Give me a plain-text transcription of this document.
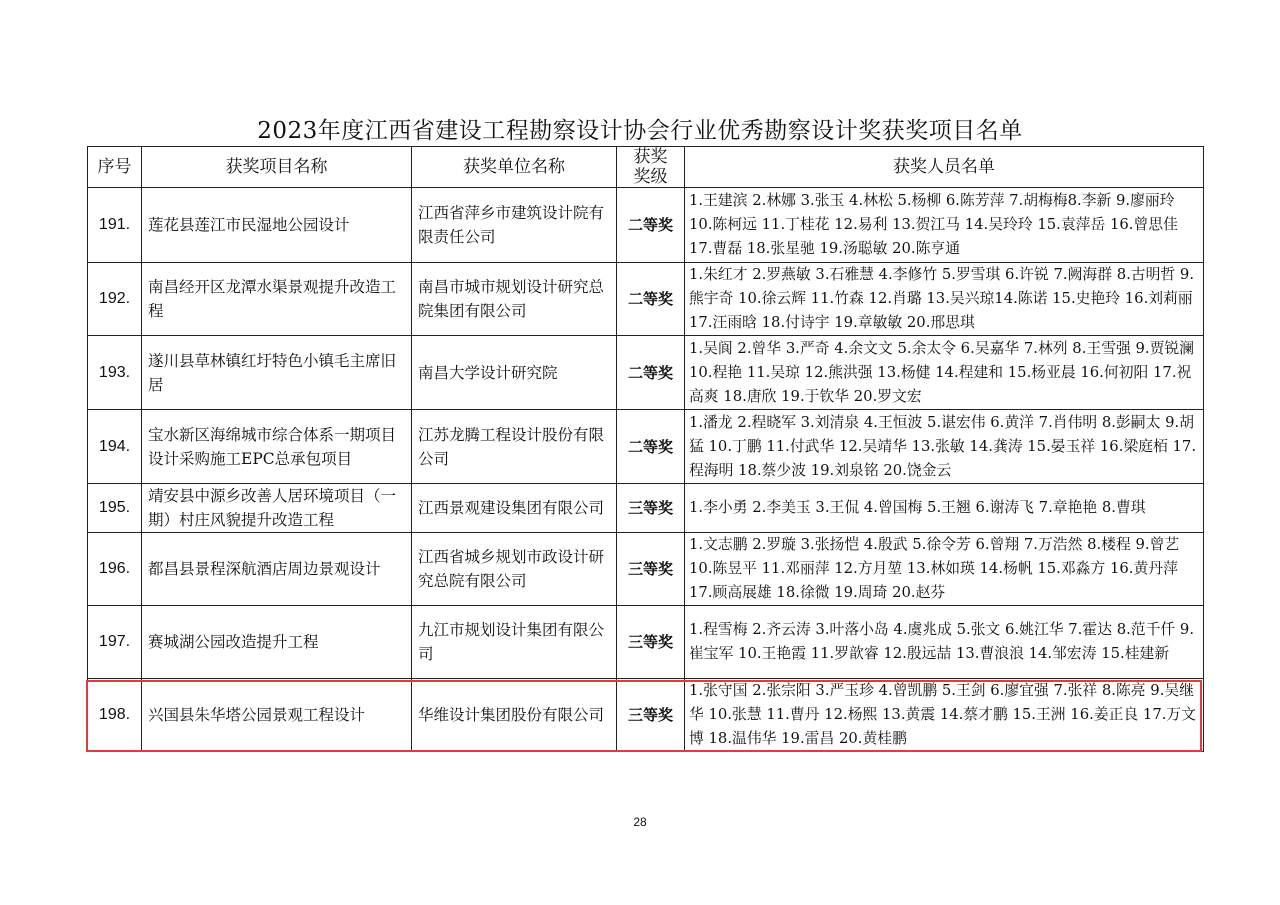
2023年度江西省建设工程勘察设计协会行业优秀勘察设计奖获奖项目名单
序号	获奖项目名称	获奖单位名称	获奖奖级	获奖人员名单
191.	莲花县莲江市民湿地公园设计	江西省萍乡市建筑设计院有限责任公司	二等奖	1.王建滨 2.林娜 3.张玉 4.林松 5.杨柳 6.陈芳萍 7.胡梅梅8.李新 9.廖丽玲 10.陈柯远 11.丁桂花 12.易利 13.贺江马 14.吴玲玲 15.袁萍岳 16.曾思佳 17.曹磊 18.张星驰 19.汤聪敏 20.陈亨通
192.	南昌经开区龙潭水渠景观提升改造工程	南昌市城市规划设计研究总院集团有限公司	二等奖	1.朱红才 2.罗燕敏 3.石雅慧 4.李修竹 5.罗雪琪 6.许锐 7.阙海群 8.古明哲 9.熊宇奇 10.徐云辉 11.竹森 12.肖璐 13.吴兴琼14.陈诺 15.史艳玲 16.刘莉丽 17.汪雨晗 18.付诗宇 19.章敏敏 20.邢思琪
193.	遂川县草林镇红圩特色小镇毛主席旧居	南昌大学设计研究院	二等奖	1.吴阆 2.曾华 3.严奇 4.余文文 5.余太令 6.吴嘉华 7.林列 8.王雪强 9.贾锐澜 10.程艳 11.吴琼 12.熊洪强 13.杨健 14.程建和 15.杨亚晨 16.何初阳 17.祝高爽 18.唐欣 19.于钦华 20.罗文宏
194.	宝水新区海绵城市综合体系一期项目设计采购施工EPC总承包项目	江苏龙腾工程设计股份有限公司	二等奖	1.潘龙 2.程晓军 3.刘清泉 4.王恒波 5.谌宏伟 6.黄洋 7.肖伟明 8.彭嗣太 9.胡猛 10.丁鹏 11.付武华 12.吴靖华 13.张敏 14.龚涛 15.晏玉祥 16.梁庭栢 17.程海明 18.蔡少波 19.刘泉铭 20.饶金云
195.	靖安县中源乡改善人居环境项目（一期）村庄风貌提升改造工程	江西景观建设集团有限公司	三等奖	1.李小勇 2.李美玉 3.王侃 4.曾国梅 5.王翘 6.谢涛飞 7.章艳艳 8.曹琪
196.	都昌县景程深航酒店周边景观设计	江西省城乡规划市政设计研究总院有限公司	三等奖	1.文志鹏 2.罗璇 3.张扬恺 4.殷武 5.徐令芳 6.曾翔 7.万浩然 8.楼程 9.曾艺 10.陈昱平 11.邓丽萍 12.方月堃 13.林如瑛 14.杨帆 15.邓淼方 16.黄丹萍 17.顾高展雄 18.徐微 19.周琦 20.赵芬
197.	赛城湖公园改造提升工程	九江市规划设计集团有限公司	三等奖	1.程雪梅 2.齐云涛 3.叶落小岛 4.虞兆成 5.张文 6.姚江华 7.霍达 8.范千仟 9.崔宝军 10.王艳霞 11.罗歆睿 12.殷远喆 13.曹浪浪 14.邹宏涛 15.桂建新
198.	兴国县朱华塔公园景观工程设计	华维设计集团股份有限公司	三等奖	1.张守国 2.张宗阳 3.严玉珍 4.曾凯鹏 5.王剑 6.廖宜强 7.张祥 8.陈亮 9.吴继华 10.张慧 11.曹丹 12.杨熙 13.黄震 14.蔡才鹏 15.王洲 16.姜正良 17.万文博 18.温伟华 19.雷昌 20.黄桂鹏
28
